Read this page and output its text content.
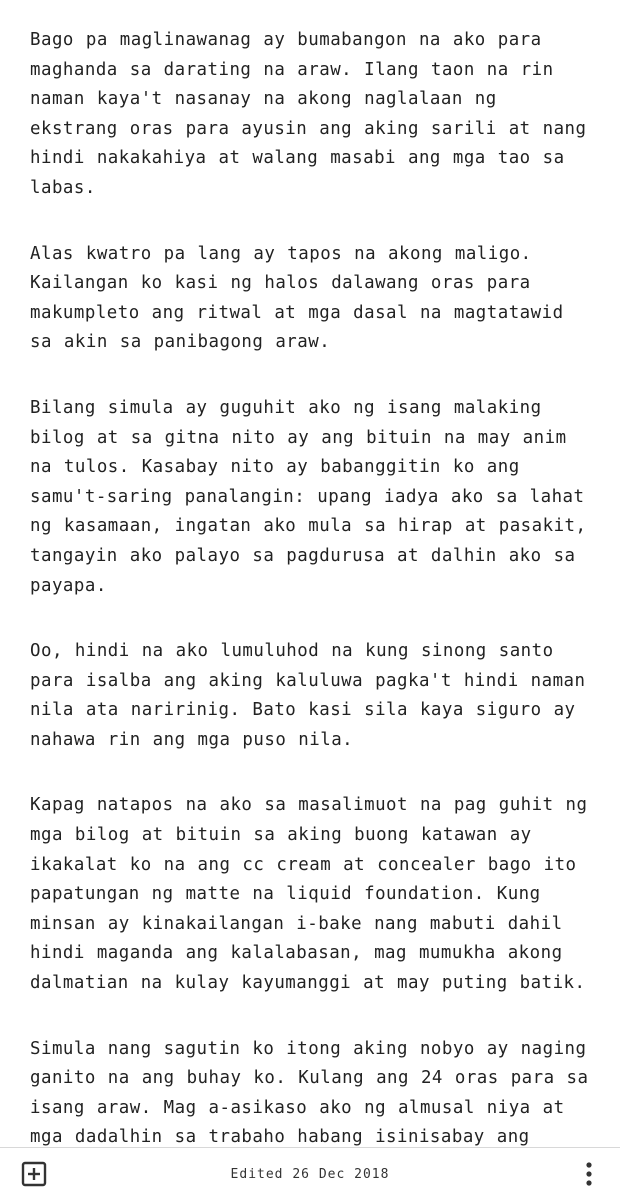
Bago pa maglinawanag ay bumabangon na ako para maghanda sa darating na araw. Ilang taon na rin naman kaya't nasanay na akong naglalaan ng ekstrang oras para ayusin ang aking sarili at nang hindi nakakahiya at walang masabi ang mga tao sa labas.

Alas kwatro pa lang ay tapos na akong maligo. Kailangan ko kasi ng halos dalawang oras para makumpleto ang ritwal at mga dasal na magtatawid sa akin sa panibagong araw.

Bilang simula ay guguhit ako ng isang malaking bilog at sa gitna nito ay ang bituin na may anim na tulos. Kasabay nito ay babanggitin ko ang samu't-saring panalangin: upang iadya ako sa lahat ng kasamaan, ingatan ako mula sa hirap at pasakit, tangayin ako palayo sa pagdurusa at dalhin ako sa payapa.

Oo, hindi na ako lumuluhod na kung sinong santo para isalba ang aking kaluluwa pagka't hindi naman nila ata naririnig. Bato kasi sila kaya siguro ay nahawa rin ang mga puso nila.

Kapag natapos na ako sa masalimuot na pag guhit ng mga bilog at bituin sa aking buong katawan ay ikakalat ko na ang cc cream at concealer bago ito papatungan ng matte na liquid foundation. Kung minsan ay kinakailangan i-bake nang mabuti dahil hindi maganda ang kalalabasan, mag mumukha akong dalmatian na kulay kayumanggi at may puting batik.

Simula nang sagutin ko itong aking nobyo ay naging ganito na ang buhay ko. Kulang ang 24 oras para sa isang araw. Mag a-asikaso ako ng almusal niya at mga dadalhin sa trabaho habang isinisabay ang

Edited 26 Dec 2018
